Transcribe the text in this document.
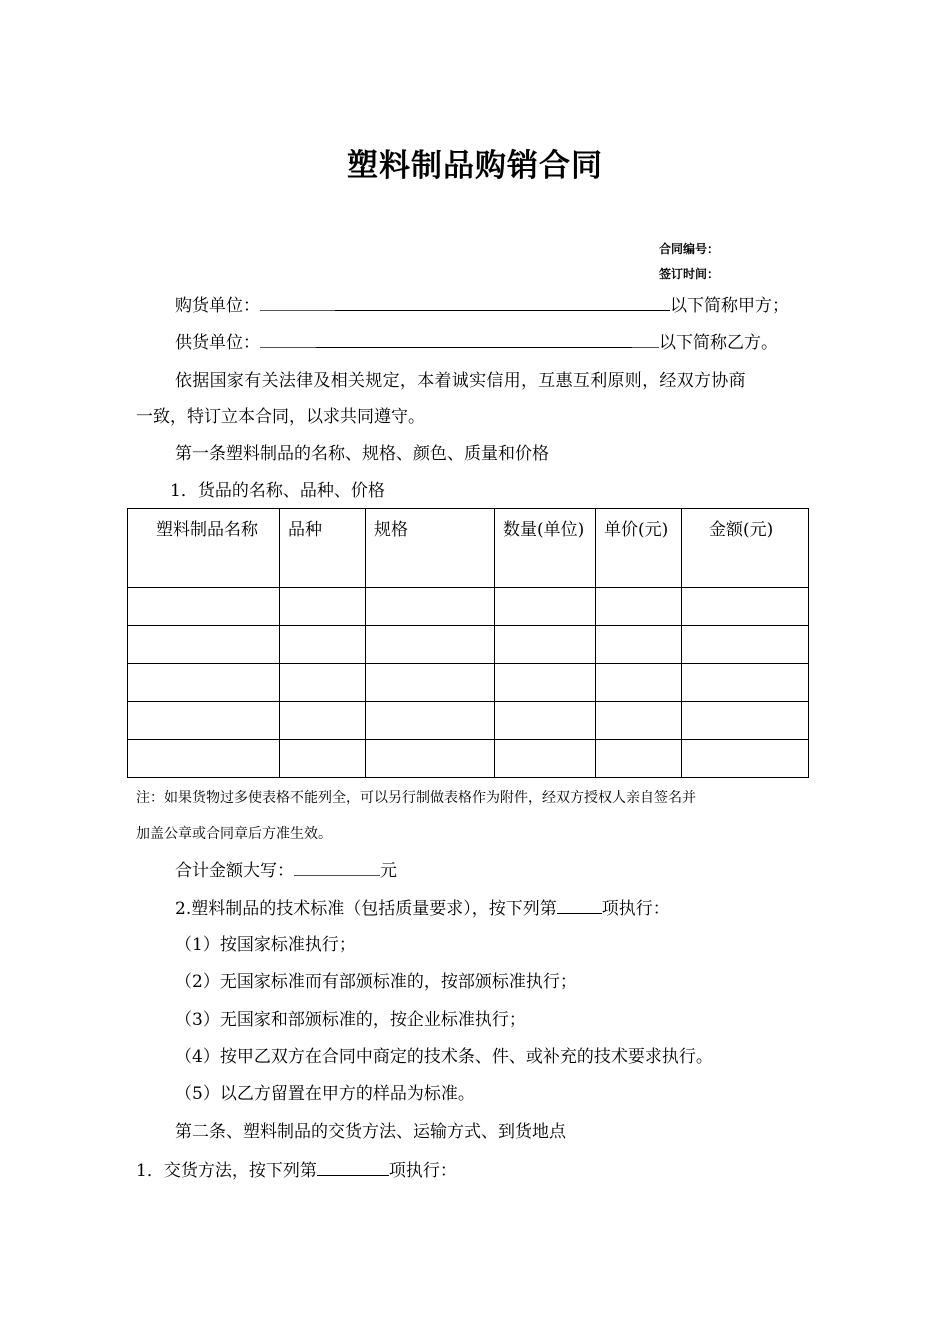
塑料制品购销合同
合同编号：
签订时间：
购货单位：	以下简称甲方；
供货单位：	以下简称乙方。
依据国家有关法律及相关规定，本着诚实信用，互惠互利原则，经双方协商
一致，特订立本合同，以求共同遵守。
第一条塑料制品的名称、规格、颜色、质量和价格
1．货品的名称、品种、价格
塑料制品名称	品种	规格	数量(单位)	单价(元)	金额(元)

注：如果货物过多使表格不能列全，可以另行制做表格作为附件，经双方授权人亲自签名并
加盖公章或合同章后方准生效。
合计金额大写：	元
2.塑料制品的技术标准（包括质量要求），按下列第	项执行：
（1）按国家标准执行；
（2）无国家标准而有部颁标准的，按部颁标准执行；
（3）无国家和部颁标准的，按企业标准执行；
（4）按甲乙双方在合同中商定的技术条、件、或补充的技术要求执行。
（5）以乙方留置在甲方的样品为标准。
第二条、塑料制品的交货方法、运输方式、到货地点
1．交货方法，按下列第	项执行：
